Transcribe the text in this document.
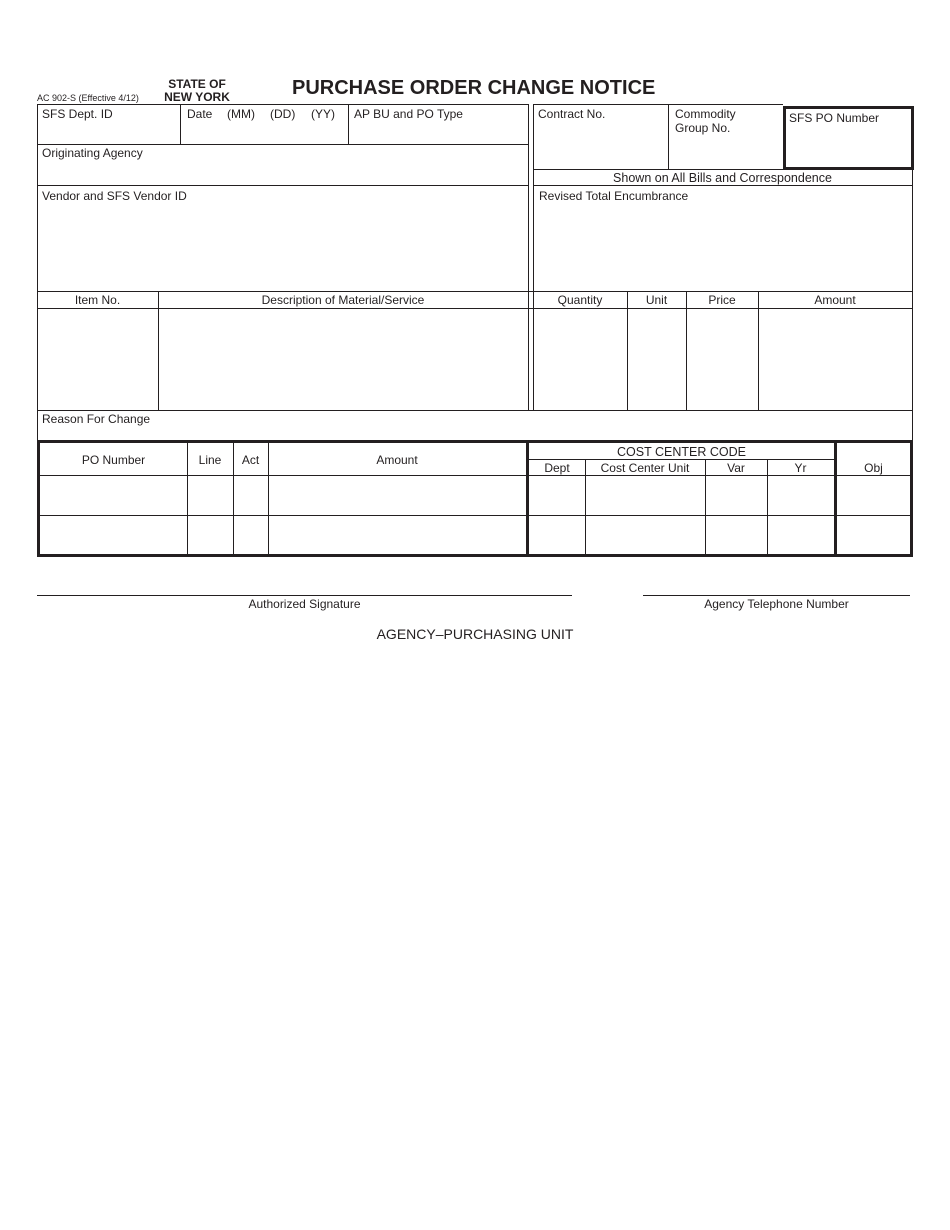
AC 902-S (Effective 4/12)
STATE OF
NEW YORK	PURCHASE ORDER CHANGE NOTICE
SFS Dept. ID	Date (MM) (DD) (YY) AP BU and PO Type
Originating Agency
Vendor and SFS Vendor ID
Contract No.	Commodity
Group No.
SFS PO Number
Shown on All Bills and Correspondence
Revised Total Encumbrance
Item No.	Description of Material/Service	Quantity	Unit	Price	Amount
Reason For Change
PO Number	Line	Act	Amount
COST CENTER CODE
Dept	Cost Center Unit	Var	Yr	Obj
Authorized Signature	Agency Telephone Number
AGENCY–PURCHASING UNIT
